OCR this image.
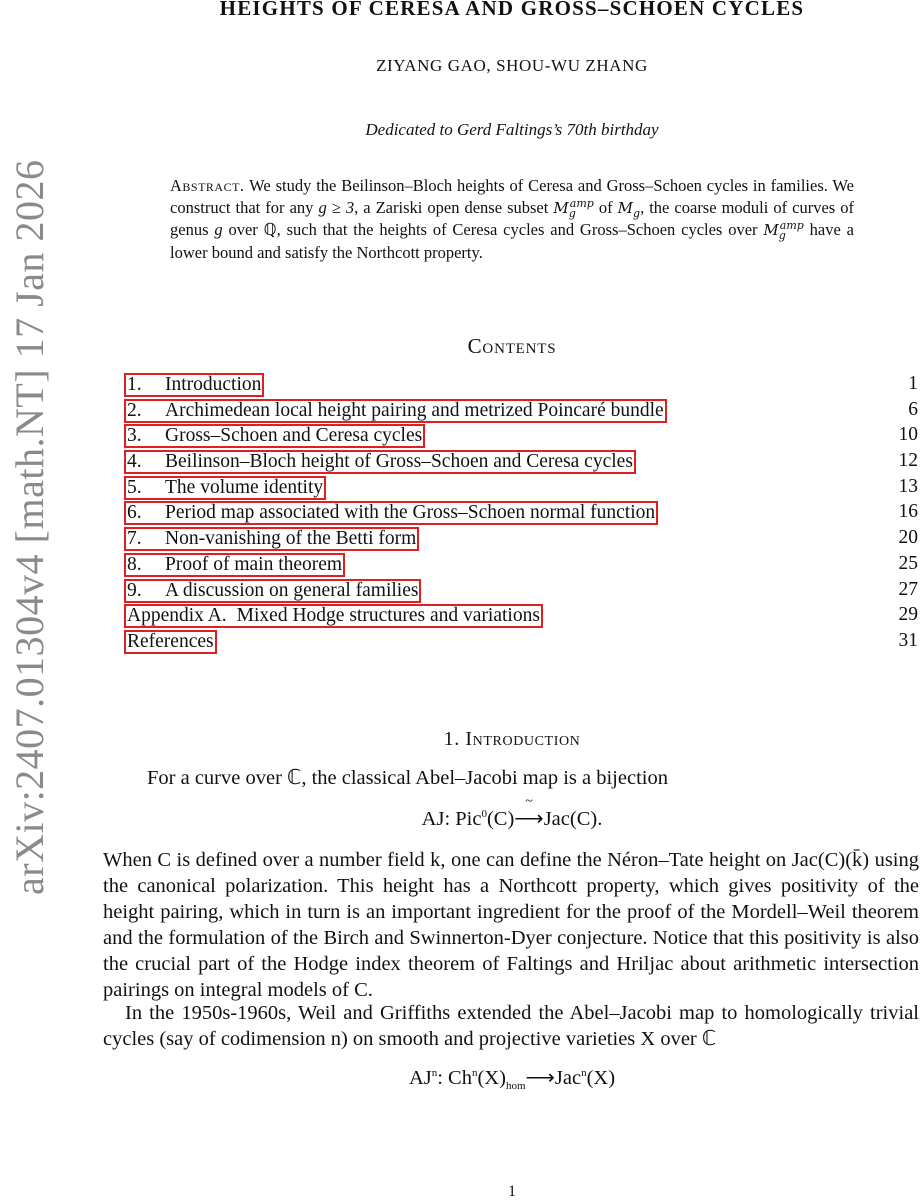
arXiv:2407.01304v4 [math.NT] 17 Jan 2026
HEIGHTS OF CERESA AND GROSS–SCHOEN CYCLES
ZIYANG GAO, SHOU-WU ZHANG
Dedicated to Gerd Faltings’s 70th birthday
Abstract. We study the Beilinson–Bloch heights of Ceresa and Gross–Schoen cycles in families. We construct that for any g ≥ 3, a Zariski open dense subset $M_g^{amp}$ of $M_g$, the coarse moduli of curves of genus g over ℚ, such that the heights of Ceresa cycles and Gross–Schoen cycles over $M_g^{amp}$ have a lower bound and satisfy the Northcott property.
Contents
1. Introduction	1
2. Archimedean local height pairing and metrized Poincaré bundle	6
3. Gross–Schoen and Ceresa cycles	10
4. Beilinson–Bloch height of Gross–Schoen and Ceresa cycles	12
5. The volume identity	13
6. Period map associated with the Gross–Schoen normal function	16
7. Non-vanishing of the Betti form	20
8. Proof of main theorem	25
9. A discussion on general families	27
Appendix A. Mixed Hodge structures and variations	29
References	31
1. Introduction
For a curve over ℂ, the classical Abel–Jacobi map is a bijection
AJ: Pic$^0$(C)
~
⟶Jac(C).
When C is defined over a number field k, one can define the Néron–Tate height on Jac(C)(k̄) using the canonical polarization. This height has a Northcott property, which gives positivity of the height pairing, which in turn is an important ingredient for the proof of the Mordell–Weil theorem and the formulation of the Birch and Swinnerton-Dyer conjecture. Notice that this positivity is also the crucial part of the Hodge index theorem of Faltings and Hriljac about arithmetic intersection pairings on integral models of C.
In the 1950s-1960s, Weil and Griffiths extended the Abel–Jacobi map to homologically trivial cycles (say of codimension n) on smooth and projective varieties X over ℂ
$AJ^n$: $Ch^n(X)_{hom}⟶Jac^n(X)$
1
